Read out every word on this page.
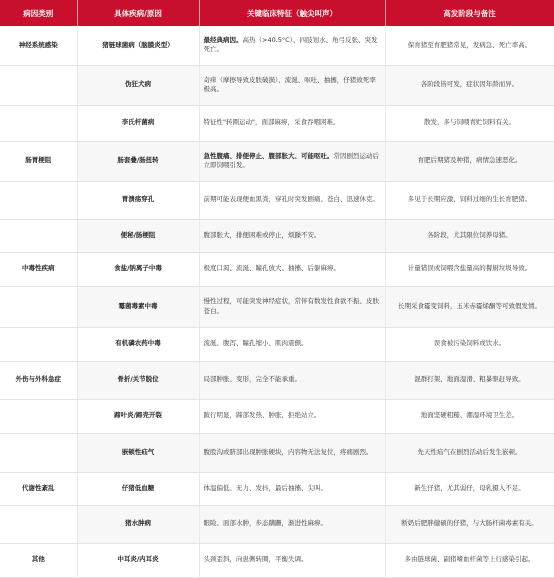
病因类别	具体疾病/原因	关键临床特征（触尖叫声）	高发阶段与备注
神经系统感染	猪链球菌病（脑膜炎型）	最经典病因。高热（>40.5°C）、四肢划水、角弓反张、突发死亡。	保育猪至育肥猪常见，发病急、死亡率高。
	伪狂犬病	奇痒（摩擦导致皮肤破损）、流涎、呕吐、抽搐，仔猪致死率极高。	各阶段皆可发，症状因年龄而异。
	李氏杆菌病	特征性"转圈运动"，面部麻痹，采食吞咽困难。	散发，多与饲喂青贮饲料有关。
肠胃梗阻	肠套叠/肠扭转	急性腹痛、排便停止、腹部胀大、可能呕吐。常因剧烈运动后立即饲喂引发。	育肥后期猪及种猪，病情急速恶化。
	胃溃疡穿孔	前期可能表现便血黑粪，穿孔时突发剧痛、苍白、迅速休克。	多见于长期应激、饲料过细的生长育肥猪。
	便秘/肠梗阻	腹部胀大，排便困难或停止，烦躁不安。	各阶段，尤其限位饲养母猪。
中毒性疾病	食盐/钠离子中毒	极度口渴、流涎、瞳孔放大、抽搐、后躯麻痹。	计量错误或饲喂含盐量高的餐厨垃圾导致。
	霉菌毒素中毒	慢性过程，可能突发神经症状，常伴有数发性食欲不振、皮肤苍白。	长期采食霉变饲料，玉米赤霉烯酮等可致假发情。
	有机磷农药中毒	流涎、腹泻、瞳孔缩小、肌肉震颤。	误食被污染饲料或饮水。
外伤与外科急症	骨折/关节脱位	局部肿胀、变形，完全不能承重。	混群打架、地面湿滑、粗暴驱赶导致。
	蹄叶炎/蹄壳开裂	跛行明显，蹄部发热、肿胀，拒绝站立。	地面坚硬粗糙、潮湿环境卫生差。
	嵌顿性疝气	腹股沟或脐部出现肿胀硬块，内容物无法复位，疼痛剧烈。	先天性疝气在剧烈活动后发生嵌顿。
代谢性紊乱	仔猪低血糖	体温偏低、无力、发抖，最后抽搐、尖叫。	新生仔猪，尤其弱仔，母乳摄入不足。
	猪水肿病	眼睑、面部水肿，步态蹒跚，渐进性麻痹。	断奶后肥胖健硕的仔猪，与大肠杆菌毒素有关。
其他	中耳炎/内耳炎	头颈歪斜，向患侧转圈，平衡失调。	多由链球菌、副猪嗜血杆菌等上行感染引起。
